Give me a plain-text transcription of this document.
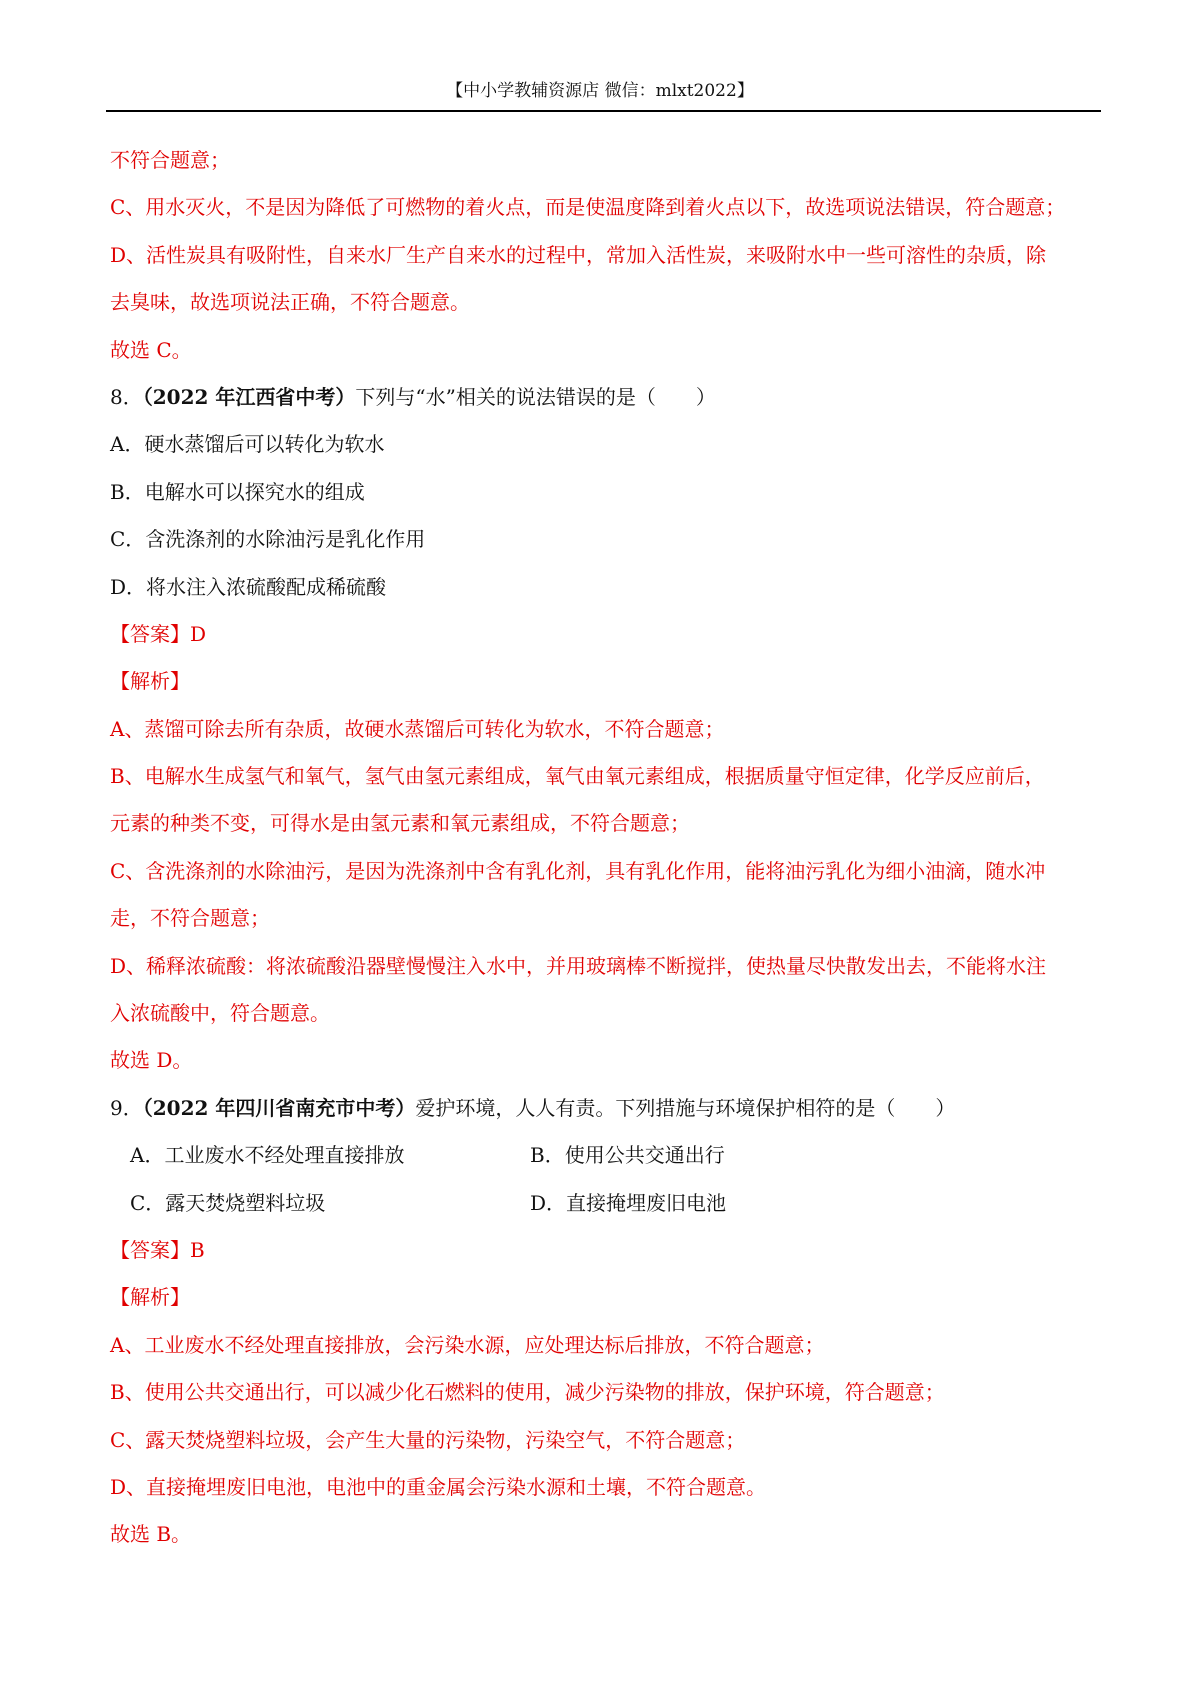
【中小学教辅资源店 微信：mlxt2022】
不符合题意；
C、用水灭火，不是因为降低了可燃物的着火点，而是使温度降到着火点以下，故选项说法错误，符合题意；
D、活性炭具有吸附性，自来水厂生产自来水的过程中，常加入活性炭，来吸附水中一些可溶性的杂质，除
去臭味，故选项说法正确，不符合题意。
故选 C。
8．（2022 年江西省中考）下列与“水”相关的说法错误的是（　　）
A．硬水蒸馏后可以转化为软水
B．电解水可以探究水的组成
C．含洗涤剂的水除油污是乳化作用
D．将水注入浓硫酸配成稀硫酸
【答案】D
【解析】
A、蒸馏可除去所有杂质，故硬水蒸馏后可转化为软水，不符合题意；
B、电解水生成氢气和氧气，氢气由氢元素组成，氧气由氧元素组成，根据质量守恒定律，化学反应前后，
元素的种类不变，可得水是由氢元素和氧元素组成，不符合题意；
C、含洗涤剂的水除油污，是因为洗涤剂中含有乳化剂，具有乳化作用，能将油污乳化为细小油滴，随水冲
走，不符合题意；
D、稀释浓硫酸：将浓硫酸沿器壁慢慢注入水中，并用玻璃棒不断搅拌，使热量尽快散发出去，不能将水注
入浓硫酸中，符合题意。
故选 D。
9．（2022 年四川省南充市中考）爱护环境，人人有责。下列措施与环境保护相符的是（　　）
A．工业废水不经处理直接排放	B．使用公共交通出行
C．露天焚烧塑料垃圾	D．直接掩埋废旧电池
【答案】B
【解析】
A、工业废水不经处理直接排放，会污染水源，应处理达标后排放，不符合题意；
B、使用公共交通出行，可以减少化石燃料的使用，减少污染物的排放，保护环境，符合题意；
C、露天焚烧塑料垃圾，会产生大量的污染物，污染空气，不符合题意；
D、直接掩埋废旧电池，电池中的重金属会污染水源和土壤，不符合题意。
故选 B。
